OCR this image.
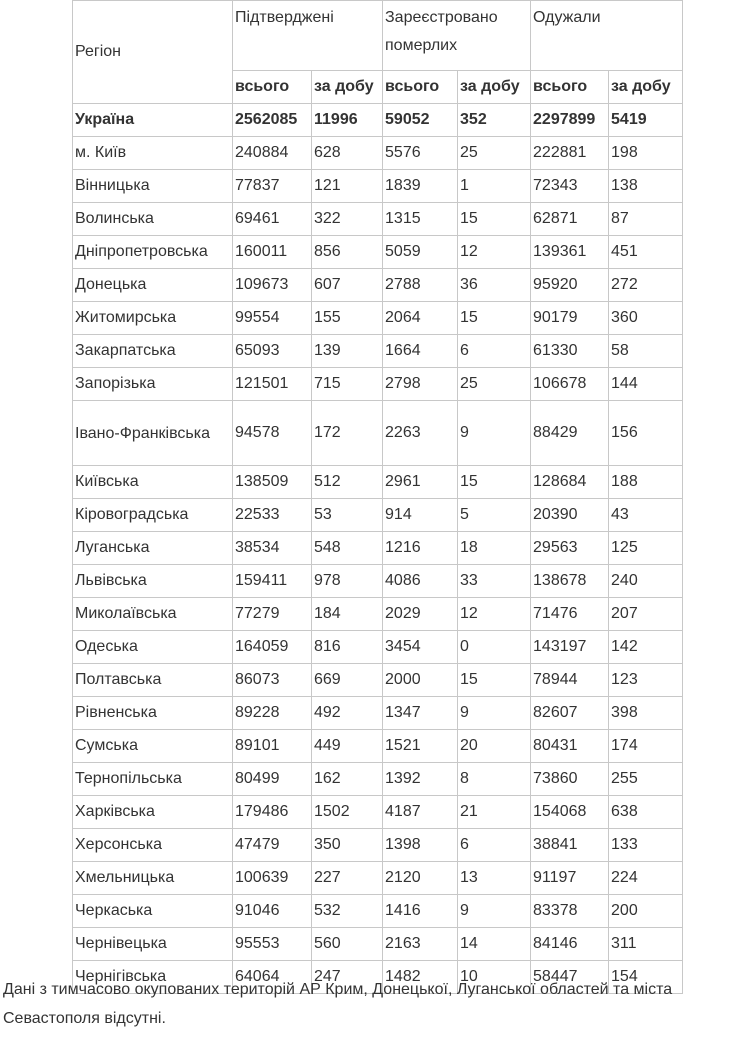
Регіон	Підтверджені		Зареєстровано померлих		Одужали	
	всього	за добу	всього	за добу	всього	за добу
Україна	2562085	11996	59052	352	2297899	5419
м. Київ	240884	628	5576	25	222881	198
Вінницька	77837	121	1839	1	72343	138
Волинська	69461	322	1315	15	62871	87
Дніпропетровська	160011	856	5059	12	139361	451
Донецька	109673	607	2788	36	95920	272
Житомирська	99554	155	2064	15	90179	360
Закарпатська	65093	139	1664	6	61330	58
Запорізька	121501	715	2798	25	106678	144
Івано-Франківська	94578	172	2263	9	88429	156
Київська	138509	512	2961	15	128684	188
Кіровоградська	22533	53	914	5	20390	43
Луганська	38534	548	1216	18	29563	125
Львівська	159411	978	4086	33	138678	240
Миколаївська	77279	184	2029	12	71476	207
Одеська	164059	816	3454	0	143197	142
Полтавська	86073	669	2000	15	78944	123
Рівненська	89228	492	1347	9	82607	398
Сумська	89101	449	1521	20	80431	174
Тернопільська	80499	162	1392	8	73860	255
Харківська	179486	1502	4187	21	154068	638
Херсонська	47479	350	1398	6	38841	133
Хмельницька	100639	227	2120	13	91197	224
Черкаська	91046	532	1416	9	83378	200
Чернівецька	95553	560	2163	14	84146	311
Чернігівська	64064	247	1482	10	58447	154
Дані з тимчасово окупованих територій АР Крим, Донецької, Луганської областей та міста Севастополя відсутні.
